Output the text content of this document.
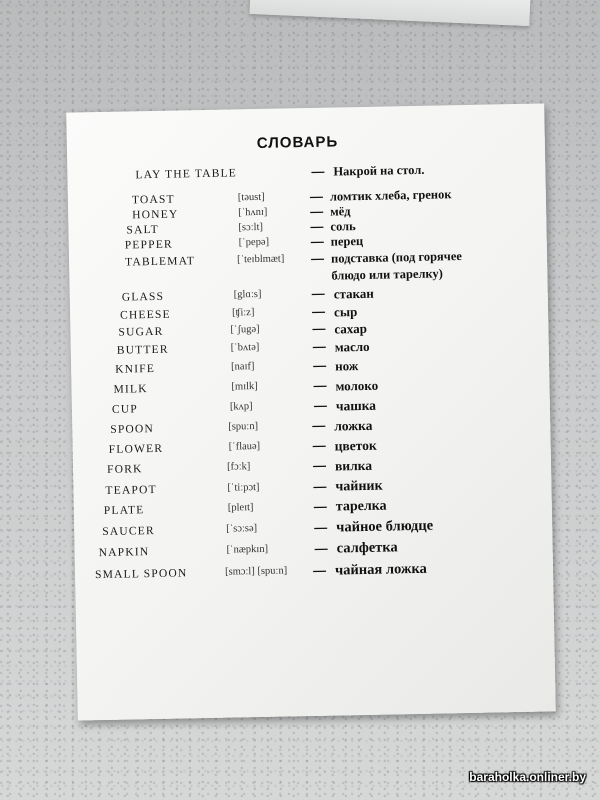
СЛОВАРЬ
LAY THE TABLE	— Накрой на стол.
TOAST	[təust]	— ломтик хлеба, гренок
HONEY	[ˈhʌnɪ]	— мёд
SALT	[sɔːlt]	— соль
PEPPER	[ˈpepə]	— перец
TABLEMAT	[ˈteɪblmæt] — подставка (под горячее
блюдо или тарелку)
GLASS	[glɑːs]	— стакан
CHEESE	[ʧiːz]	— сыр
SUGAR	[ˈʃugə]	— сахар
BUTTER	[ˈbʌtə]	— масло
KNIFE	[naɪf]	— нож
MILK	[mɪlk]	— молоко
CUP	[kʌp]	— чашка
SPOON	[spuːn]	— ложка
FLOWER	[ˈflauə]	— цветок
FORK	[fɔːk]	— вилка
TEAPOT	[ˈtiːpɔt]	— чайник
PLATE	[pleɪt]	— тарелка
SAUCER	[ˈsɔːsə]	— чайное блюдце
NAPKIN	[ˈnæpkɪn]	— салфетка
SMALL SPOON	[smɔːl] [spuːn] — чайная ложка
baraholka.onliner.by
